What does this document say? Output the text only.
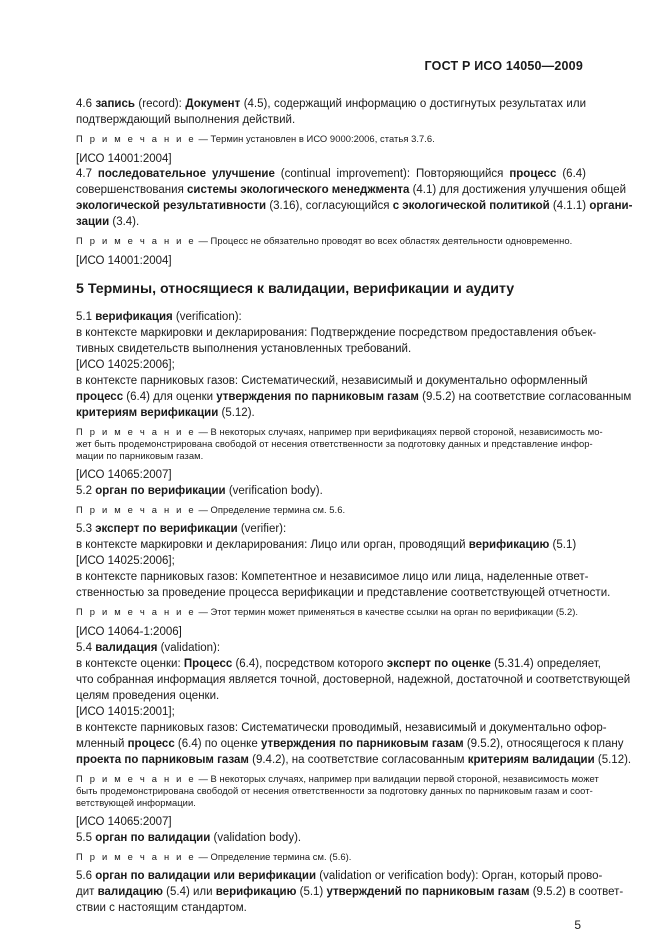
ГОСТ Р ИСО 14050—2009

4.6 запись (record): Документ (4.5), содержащий информацию о достигнутых результатах или

подтверждающий выполнения действий.

П р и м е ч а н и е — Термин установлен в ИСО 9000:2006, статья 3.7.6.

[ИСО 14001:2004]

4.7 последовательное улучшение (continual improvement): Повторяющийся процесс (6.4)

совершенствования системы экологического менеджмента (4.1) для достижения улучшения общей

экологической результативности (3.16), согласующийся с экологической политикой (4.1.1) органи-

зации (3.4).

П р и м е ч а н и е — Процесс не обязательно проводят во всех областях деятельности одновременно.

[ИСО 14001:2004]

5 Термины, относящиеся к валидации, верификации и аудиту

5.1 верификация (verification):

в контексте маркировки и декларирования: Подтверждение посредством предоставления объек-

тивных свидетельств выполнения установленных требований.

[ИСО 14025:2006];

в контексте парниковых газов: Систематический, независимый и документально оформленный

процесс (6.4) для оценки утверждения по парниковым газам (9.5.2) на соответствие согласованным

критериям верификации (5.12).

П р и м е ч а н и е — В некоторых случаях, например при верификациях первой стороной, независимость мо-

жет быть продемонстрирована свободой от несения ответственности за подготовку данных и представление инфор-

мации по парниковым газам.

[ИСО 14065:2007]

5.2 орган по верификации (verification body).

П р и м е ч а н и е — Определение термина см. 5.6.

5.3 эксперт по верификации (verifier):

в контексте маркировки и декларирования: Лицо или орган, проводящий верификацию (5.1)

[ИСО 14025:2006];

в контексте парниковых газов: Компетентное и независимое лицо или лица, наделенные ответ-

ственностью за проведение процесса верификации и представление соответствующей отчетности.

П р и м е ч а н и е — Этот термин может применяться в качестве ссылки на орган по верификации (5.2).

[ИСО 14064-1:2006]

5.4 валидация (validation):

в контексте оценки: Процесс (6.4), посредством которого эксперт по оценке (5.31.4) определяет,

что собранная информация является точной, достоверной, надежной, достаточной и соответствующей

целям проведения оценки.

[ИСО 14015:2001];

в контексте парниковых газов: Систематически проводимый, независимый и документально офор-

мленный процесс (6.4) по оценке утверждения по парниковым газам (9.5.2), относящегося к плану

проекта по парниковым газам (9.4.2), на соответствие согласованным критериям валидации (5.12).

П р и м е ч а н и е — В некоторых случаях, например при валидации первой стороной, независимость может

быть продемонстрирована свободой от несения ответственности за подготовку данных по парниковым газам и соот-

ветствующей информации.

[ИСО 14065:2007]

5.5 орган по валидации (validation body).

П р и м е ч а н и е — Определение термина см. (5.6).

5.6 орган по валидации или верификации (validation or verification body): Орган, который прово-

дит валидацию (5.4) или верификацию (5.1) утверждений по парниковым газам (9.5.2) в соответ-

ствии с настоящим стандартом.

5
